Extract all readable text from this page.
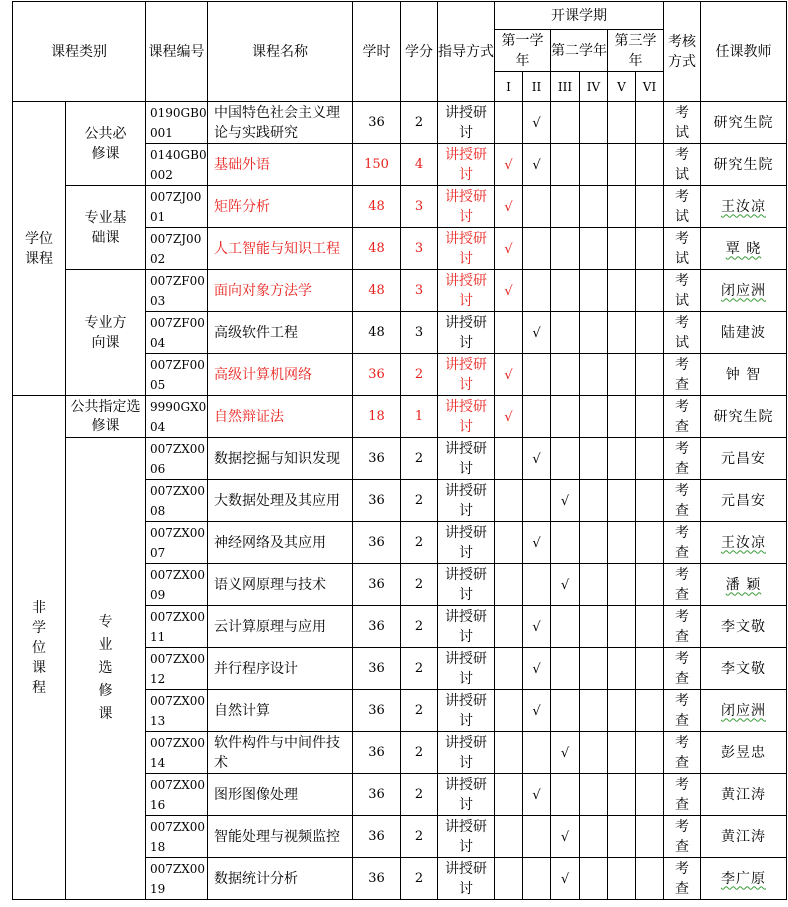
课程类别		课程编号	课程名称	学时	学分	指导方式	开课学期						考核方式	任课教师
							第一学年		第二学年		第三学年			
							I	II	III	IV	V	VI		
学位课程	公共必修课	0190GB0001	中国特色社会主义理论与实践研究	36	2	讲授研讨		√					考试	研究生院
		0140GB0002	基础外语	150	4	讲授研讨	√	√					考试	研究生院
	专业基础课	007ZJ0001	矩阵分析	48	3	讲授研讨	√						考试	王汝凉
		007ZJ0002	人工智能与知识工程	48	3	讲授研讨	√						考试	覃 晓
	专业方向课	007ZF0003	面向对象方法学	48	3	讲授研讨	√						考试	闭应洲
		007ZF0004	高级软件工程	48	3	讲授研讨		√					考试	陆建波
		007ZF0005	高级计算机网络	36	2	讲授研讨	√						考查	钟 智
非学位课程	公共指定选修课	9990GX004	自然辩证法	18	1	讲授研讨	√						考查	研究生院
	专业选修课	007ZX0006	数据挖掘与知识发现	36	2	讲授研讨		√					考查	元昌安
		007ZX0008	大数据处理及其应用	36	2	讲授研讨			√				考查	元昌安
		007ZX0007	神经网络及其应用	36	2	讲授研讨		√					考查	王汝凉
		007ZX0009	语义网原理与技术	36	2	讲授研讨			√				考查	潘 颖
		007ZX0011	云计算原理与应用	36	2	讲授研讨		√					考查	李文敬
		007ZX0012	并行程序设计	36	2	讲授研讨		√					考查	李文敬
		007ZX0013	自然计算	36	2	讲授研讨		√					考查	闭应洲
		007ZX0014	软件构件与中间件技术	36	2	讲授研讨			√				考查	彭昱忠
		007ZX0016	图形图像处理	36	2	讲授研讨		√					考查	黄江涛
		007ZX0018	智能处理与视频监控	36	2	讲授研讨			√				考查	黄江涛
		007ZX0019	数据统计分析	36	2	讲授研讨			√				考查	李广原
